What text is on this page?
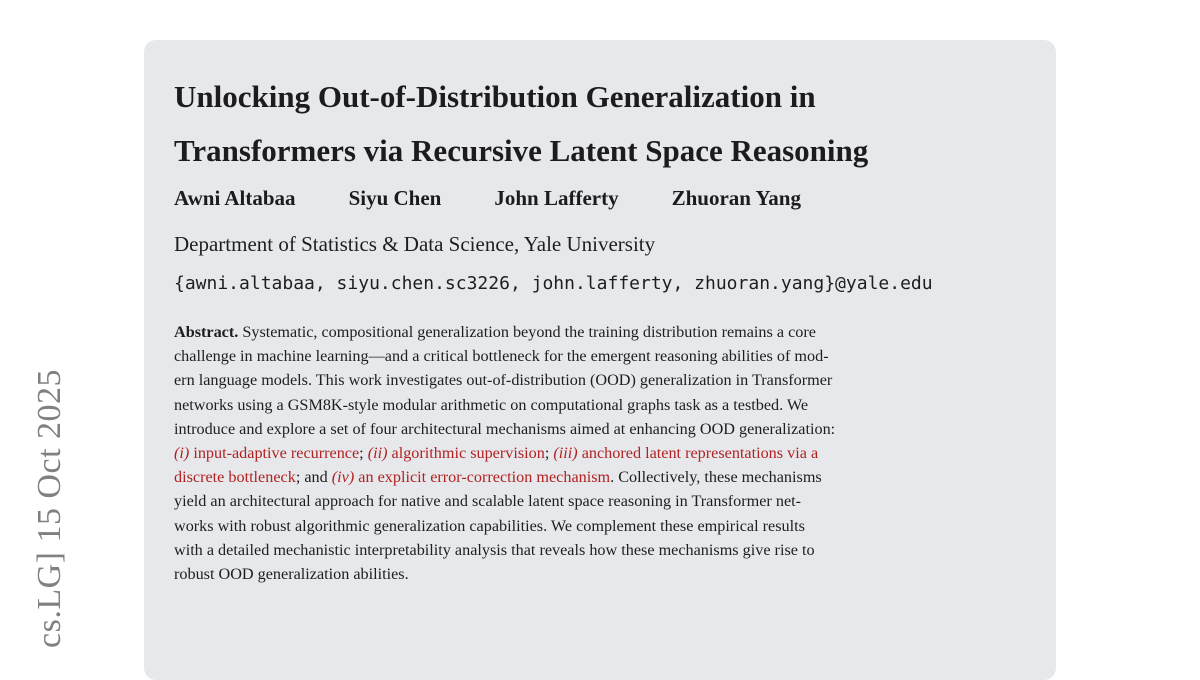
cs.LG] 15 Oct 2025
Unlocking Out-of-Distribution Generalization in
Transformers via Recursive Latent Space Reasoning
Awni Altabaa	Siyu Chen	John Lafferty	Zhuoran Yang
Department of Statistics & Data Science, Yale University
{awni.altabaa, siyu.chen.sc3226, john.lafferty, zhuoran.yang}@yale.edu

Abstract. Systematic, compositional generalization beyond the training distribution remains a core
challenge in machine learning—and a critical bottleneck for the emergent reasoning abilities of mod-
ern language models. This work investigates out-of-distribution (OOD) generalization in Transformer
networks using a GSM8K-style modular arithmetic on computational graphs task as a testbed. We
introduce and explore a set of four architectural mechanisms aimed at enhancing OOD generalization:
(i) input-adaptive recurrence; (ii) algorithmic supervision; (iii) anchored latent representations via a
discrete bottleneck; and (iv) an explicit error-correction mechanism. Collectively, these mechanisms
yield an architectural approach for native and scalable latent space reasoning in Transformer net-
works with robust algorithmic generalization capabilities. We complement these empirical results
with a detailed mechanistic interpretability analysis that reveals how these mechanisms give rise to
robust OOD generalization abilities.
